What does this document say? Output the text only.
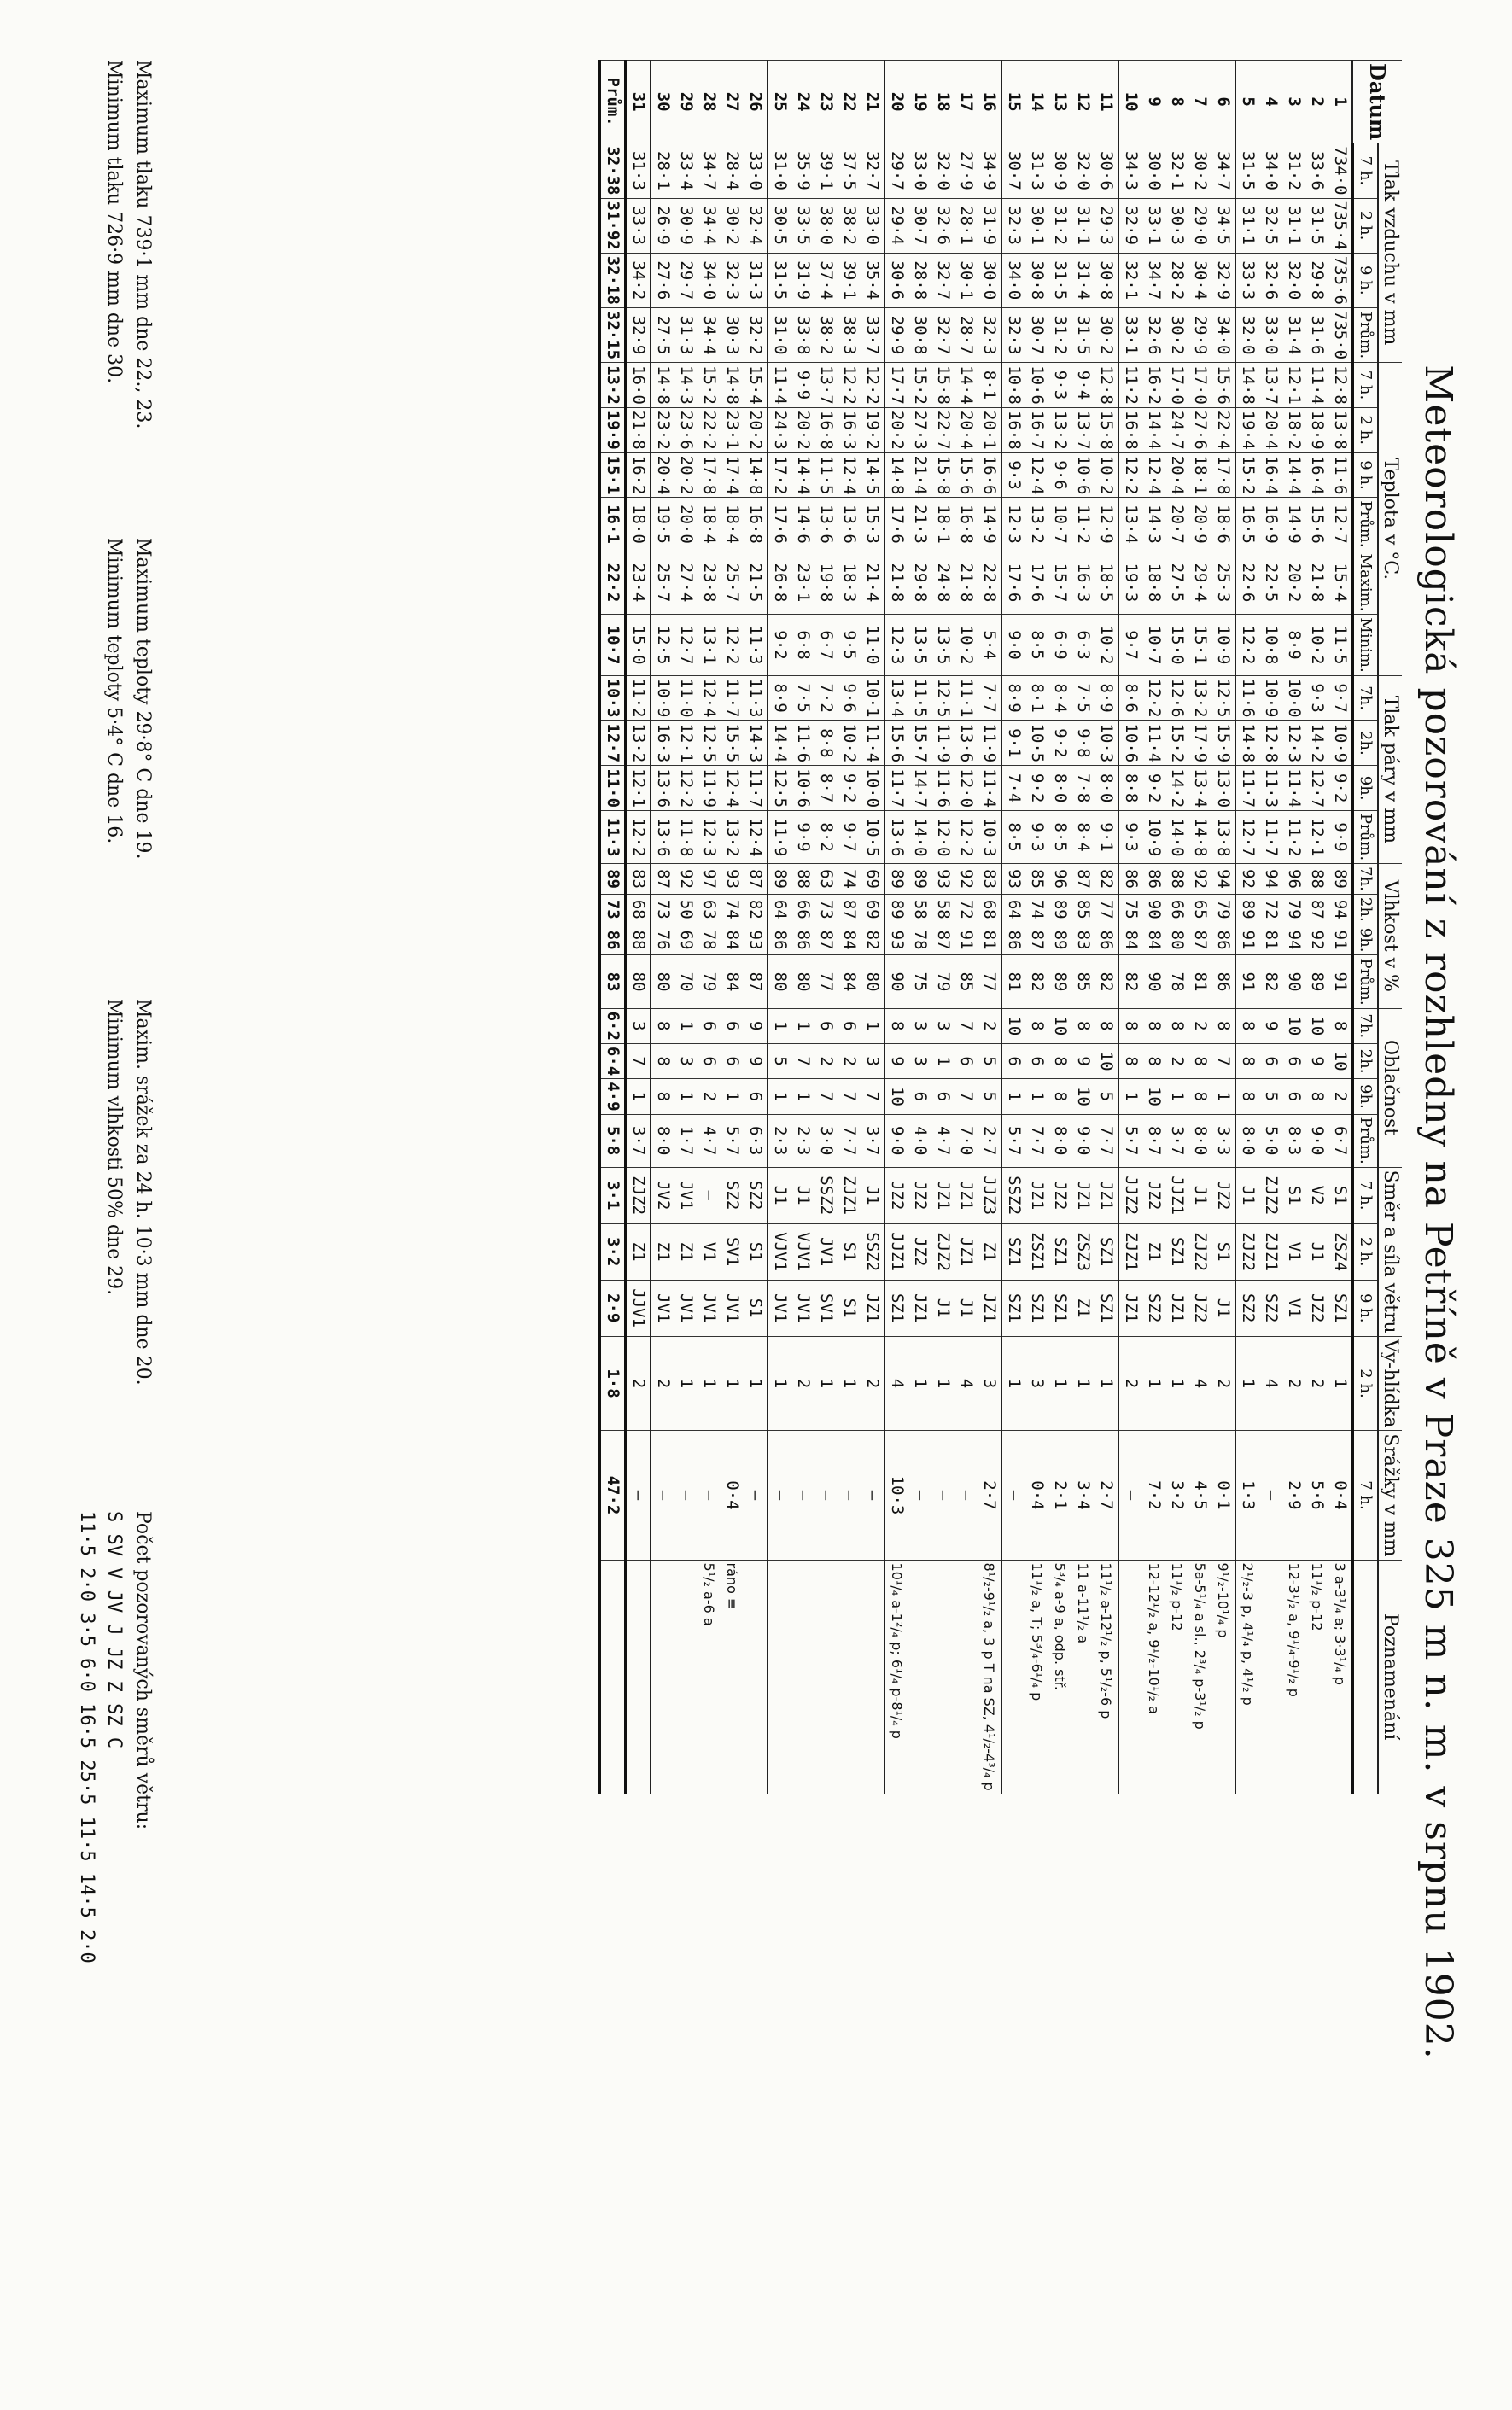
Meteorologická pozorování z rozhledny na Petříně v Praze 325 m n. m. v srpnu 1902.
Datum	Tlak vzduchu v mm				Teplota v °C.						Tlak páry v mm				Vlhkost v %				Oblačnost				Směr a síla větru			Vy-hlídka	Srážky v mm	Poznamenání
	7 h.	2 h.	9 h.	Prům.	7 h.	2 h.	9 h.	Prům.	Maxim.	Minim.	7h.	2h.	9h.	Prům.	7h.	2h.	9h.	Prům.	7h.	2h.	9h.	Prům.	7 h.	2 h.	9 h.	2 h.	7 h.	
1	734·0	735·4	735·6	735·0	12·8	13·8	11·6	12·7	15·4	11·5	9·7	10·9	9·2	9·9	89	94	91	91	8	10	2	6·7	S1	ZSZ4	SZ1	1	0·4	3 a-3¹/₄ a; 3·3¹/₄ p
2	33·6	31·5	29·8	31·6	11·4	18·9	16·4	15·6	21·8	10·2	9·3	14·2	12·7	12·1	88	87	92	89	10	9	8	9·0	V2	J1	JZ2	2	5·6	11¹/₂ p-12
3	31·2	31·1	32·0	31·4	12·1	18·2	14·4	14·9	20·2	8·9	10·0	12·3	11·4	11·2	96	79	94	90	10	6	6	8·3	S1	V1	V1	2	2·9	12-3¹/₂ a, 9¹/₄-9¹/₂ p
4	34·0	32·5	32·6	33·0	13·7	20·4	16·4	16·9	22·5	10·8	10·9	12·8	11·3	11·7	94	72	81	82	9	6	5	5·0	ZJZ2	ZJZ1	SZ2	4	—	
5	31·5	31·1	33·3	32·0	14·8	19·4	15·2	16·5	22·6	12·2	11·6	14·8	11·7	12·7	92	89	91	91	8	8	8	8·0	J1	ZJZ2	SZ2	1	1·3	2¹/₂-3 p, 4¹/₄ p, 4¹/₂ p
6	34·7	34·5	32·9	34·0	15·6	22·4	17·8	18·6	25·3	10·9	12·5	15·9	13·0	13·8	94	79	86	86	8	7	1	3·3	JZ2	S1	J1	2	0·1	9¹/₂-10¹/₄ p
7	30·2	29·0	30·4	29·9	17·0	27·6	18·1	20·9	29·4	15·1	13·2	17·9	13·4	14·8	92	65	87	81	2	8	8	8·0	J1	ZJZ2	JZ2	4	4·5	5a-5¹/₄ a sl., 2³/₄ p-3¹/₂ p
8	32·1	30·3	28·2	30·2	17·0	24·7	20·4	20·7	27·5	15·0	12·6	15·2	14·2	14·0	88	66	80	78	8	2	1	3·7	JJZ1	SZ1	JZ1	1	3·2	11¹/₂ p-12
9	30·0	33·1	34·7	32·6	16·2	14·4	12·4	14·3	18·8	10·7	12·2	11·4	9·2	10·9	86	90	84	90	8	8	10	8·7	JZ2	Z1	SZ2	1	7·2	12-12¹/₂ a, 9¹/₂-10¹/₂ a
10	34·3	32·9	32·1	33·1	11·2	16·8	12·2	13·4	19·3	9·7	8·6	10·6	8·8	9·3	86	75	84	82	8	8	1	5·7	JJZ2	ZJZ1	JZ1	2	—	
11	30·6	29·3	30·8	30·2	12·8	15·8	10·2	12·9	18·5	10·2	8·9	10·3	8·0	9·1	82	77	86	82	8	10	5	7·7	JZ1	SZ1	SZ1	1	2·7	11¹/₂ a-12¹/₂ p, 5¹/₂-6 p
12	32·0	31·1	31·4	31·5	9·4	13·7	10·6	11·2	16·3	6·3	7·5	9·8	7·8	8·4	87	85	83	85	8	9	10	9·0	JZ1	ZSZ3	Z1	1	3·4	11 a-11¹/₂ a
13	30·9	31·2	31·5	31·2	9·3	13·2	9·6	10·7	15·7	6·9	8·4	9·2	8·0	8·5	96	89	89	89	10	8	8	8·0	JZ2	SZ1	SZ1	1	2·1	5³/₄ a-9 a, odp. stř.
14	31·3	30·1	30·8	30·7	10·6	16·7	12·4	13·2	17·6	8·5	8·1	10·5	9·2	9·3	85	74	87	82	8	6	1	7·7	JZ1	ZSZ1	SZ1	3	0·4	11¹/₂ a, T; 5³/₄-6¹/₄ p
15	30·7	32·3	34·0	32·3	10·8	16·8	9·3	12·3	17·6	9·0	8·9	9·1	7·4	8·5	93	64	86	81	10	6	1	5·7	SSZ2	SZ1	SZ1	1	—	
16	34·9	31·9	30·0	32·3	8·1	20·1	16·6	14·9	22·8	5·4	7·7	11·9	11·4	10·3	83	68	81	77	2	5	5	2·7	JJZ3	Z1	JZ1	3	2·7	8¹/₂-9¹/₂ a, 3 p T na SZ, 4¹/₂-4³/₄ p
17	27·9	28·1	30·1	28·7	14·4	20·4	15·6	16·8	21·8	10·2	11·1	13·6	12·0	12·2	92	72	91	85	7	6	7	7·0	JZ1	JZ1	J1	4	—	
18	32·0	32·6	32·7	32·7	15·8	22·7	15·8	18·1	24·8	13·5	12·5	11·9	11·6	12·0	93	58	87	79	3	1	6	4·7	JZ1	ZJZ2	J1	1	—	
19	33·0	30·7	28·8	30·8	15·2	27·3	21·4	21·3	29·8	13·5	11·5	15·7	14·7	14·0	89	58	78	75	3	3	6	4·0	JZ2	JZ2	JZ1	1	—	
20	29·7	29·4	30·6	29·9	17·7	20·2	14·8	17·6	21·8	12·3	13·4	15·6	11·7	13·6	89	89	93	90	8	9	10	9·0	JZ2	JJZ1	SZ1	4	10·3	10¹/₄ a-1²/₄ p; 6¹/₄ p-8¹/₄ p
21	32·7	33·0	35·4	33·7	12·2	19·2	14·5	15·3	21·4	11·0	10·1	11·4	10·0	10·5	69	69	82	80	1	3	7	3·7	J1	SSZ2	JZ1	2	—	
22	37·5	38·2	39·1	38·3	12·2	16·3	12·4	13·6	18·3	9·5	9·6	10·2	9·2	9·7	74	87	84	84	6	2	7	7·7	ZJZ1	S1	S1	1	—	
23	39·1	38·0	37·4	38·2	13·7	16·8	11·5	13·6	19·8	6·7	7·2	8·8	8·7	8·2	63	73	87	77	6	2	7	3·0	SSZ2	JV1	SV1	1	—	
24	35·9	33·5	31·9	33·8	9·9	20·2	14·4	14·6	23·1	6·8	7·5	11·6	10·6	9·9	88	66	86	80	1	7	1	2·3	J1	VJV1	JV1	2	—	
25	31·0	30·5	31·5	31·0	11·4	24·3	17·2	17·6	26·8	9·2	8·9	14·4	12·5	11·9	89	64	86	80	1	5	1	2·3	J1	VJV1	JV1	1	—	
26	33·0	32·4	31·3	32·2	15·4	20·2	14·8	16·8	21·5	11·3	11·3	14·3	11·7	12·4	87	82	93	87	9	9	6	6·3	SZ2	S1	S1	1	—	
27	28·4	30·2	32·3	30·3	14·8	23·1	17·4	18·4	25·7	12·2	11·7	15·5	12·4	13·2	93	74	84	84	6	6	1	5·7	SZ2	SV1	JV1	1	0·4	ráno ≡
28	34·7	34·4	34·0	34·4	15·2	22·2	17·8	18·4	23·8	13·1	12·4	12·5	11·9	12·3	97	63	78	79	6	6	2	4·7	—	V1	JV1	1	—	5¹/₂ a-6 a
29	33·4	30·9	29·7	31·3	14·3	23·6	20·2	20·0	27·4	12·7	11·0	12·1	12·2	11·8	92	50	69	70	1	3	1	1·7	JV1	Z1	JV1	1	—	
30	28·1	26·9	27·6	27·5	14·8	23·2	20·4	19·5	25·7	12·5	10·9	16·3	13·6	13·6	87	73	76	80	8	8	8	8·0	JV2	Z1	JV1	2	—	
31	31·3	33·3	34·2	32·9	16·0	21·8	16·2	18·0	23·4	15·0	11·2	13·2	12·1	12·2	83	68	88	80	3	7	1	3·7	ZJZ2	Z1	JJV1	2	—	
Prům.	32·38	31·92	32·18	32·15	13·2	19·9	15·1	16·1	22·2	10·7	10·3	12·7	11·0	11·3	89	73	86	83	6·2	6·4	4·9	5·8	3·1	3·2	2·9	1·8	47·2	
Maximum tlaku 739·1 mm dne 22., 23.
Minimum tlaku 726·9 mm dne 30.
Maximum teploty 29·8° C dne 19.
Minimum teploty 5·4° C dne 16.
Maxim. srážek za 24 h. 10·3 mm dne 20.
Minimum vlhkosti 50% dne 29.
Počet pozorovaných směrů větru:
S SV V JV J JZ Z SZ C
11·5 2·0 3·5 6·0 16·5 25·5 11·5 14·5 2·0
